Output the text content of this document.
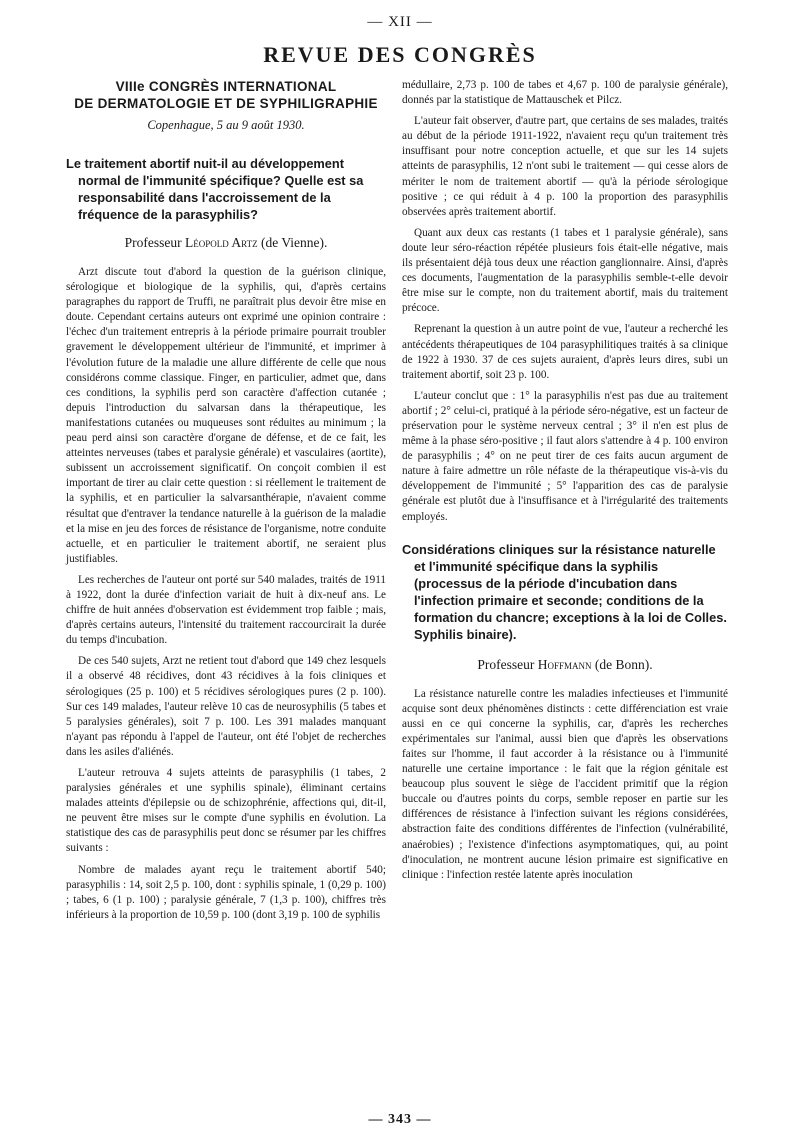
— XII —
REVUE DES CONGRÈS
VIIIe CONGRÈS INTERNATIONAL
DE DERMATOLOGIE ET DE SYPHILIGRAPHIE
Copenhague, 5 au 9 août 1930.
Le traitement abortif nuit-il au développement normal de l'immunité spécifique? Quelle est sa responsabilité dans l'accroissement de la fréquence de la parasyphilis?
Professeur Léopold Artz (de Vienne).

Arzt discute tout d'abord la question de la guérison clinique, sérologique et biologique de la syphilis, qui, d'après certains paragraphes du rapport de Truffi, ne paraîtrait plus devoir être mise en doute. Cependant certains auteurs ont exprimé une opinion contraire : l'échec d'un traitement entrepris à la période primaire pourrait troubler gravement le développement ultérieur de l'immunité, et imprimer à l'évolution future de la maladie une allure différente de celle que nous considérons comme classique. Finger, en particulier, admet que, dans ces conditions, la syphilis perd son caractère d'affection cutanée ; depuis l'introduction du salvarsan dans la thérapeutique, les manifestations cutanées ou muqueuses sont réduites au minimum ; la peau perd ainsi son caractère d'organe de défense, et de ce fait, les atteintes nerveuses (tabes et paralysie générale) et vasculaires (aortite), subissent un accroissement significatif. On conçoit combien il est important de tirer au clair cette question : si réellement le traitement de la syphilis, et en particulier la salvarsanthérapie, n'avaient comme résultat que d'entraver la tendance naturelle à la guérison de la maladie et la mise en jeu des forces de résistance de l'organisme, notre conduite actuelle, et en particulier le traitement abortif, ne seraient plus justifiables.

Les recherches de l'auteur ont porté sur 540 malades, traités de 1911 à 1922, dont la durée d'infection variait de huit à dix-neuf ans. Le chiffre de huit années d'observation est évidemment trop faible ; mais, d'après certains auteurs, l'intensité du traitement raccourcirait la durée du temps d'incubation.

De ces 540 sujets, Arzt ne retient tout d'abord que 149 chez lesquels il a observé 48 récidives, dont 43 récidives à la fois cliniques et sérologiques (25 p. 100) et 5 récidives sérologiques pures (2 p. 100). Sur ces 149 malades, l'auteur relève 10 cas de neurosyphilis (5 tabes et 5 paralysies générales), soit 7 p. 100. Les 391 malades manquant n'ayant pas répondu à l'appel de l'auteur, ont été l'objet de recherches dans les asiles d'aliénés.

L'auteur retrouva 4 sujets atteints de parasyphilis (1 tabes, 2 paralysies générales et une syphilis spinale), éliminant certains malades atteints d'épilepsie ou de schizophrénie, affections qui, dit-il, ne peuvent être mises sur le compte d'une syphilis en évolution. La statistique des cas de parasyphilis peut donc se résumer par les chiffres suivants :

Nombre de malades ayant reçu le traitement abortif 540; parasyphilis : 14, soit 2,5 p. 100, dont : syphilis spinale, 1 (0,29 p. 100) ; tabes, 6 (1 p. 100) ; paralysie générale, 7 (1,3 p. 100), chiffres très inférieurs à la proportion de 10,59 p. 100 (dont 3,19 p. 100 de syphilis

médullaire, 2,73 p. 100 de tabes et 4,67 p. 100 de paralysie générale), donnés par la statistique de Mattauschek et Pilcz.

L'auteur fait observer, d'autre part, que certains de ses malades, traités au début de la période 1911-1922, n'avaient reçu qu'un traitement très insuffisant pour notre conception actuelle, et que sur les 14 sujets atteints de parasyphilis, 12 n'ont subi le traitement — qui cesse alors de mériter le nom de traitement abortif — qu'à la période sérologique positive ; ce qui réduit à 4 p. 100 la proportion des parasyphilis observées après traitement abortif.

Quant aux deux cas restants (1 tabes et 1 paralysie générale), sans doute leur séro-réaction répétée plusieurs fois était-elle négative, mais ils présentaient déjà tous deux une réaction ganglionnaire. Ainsi, d'après ces documents, l'augmentation de la parasyphilis semble-t-elle devoir être mise sur le compte, non du traitement abortif, mais du traitement précoce.

Reprenant la question à un autre point de vue, l'auteur a recherché les antécédents thérapeutiques de 104 parasyphilitiques traités à sa clinique de 1922 à 1930. 37 de ces sujets auraient, d'après leurs dires, subi un traitement abortif, soit 23 p. 100.

L'auteur conclut que : 1° la parasyphilis n'est pas due au traitement abortif ; 2° celui-ci, pratiqué à la période séro-négative, est un facteur de préservation pour le système nerveux central ; 3° il n'en est plus de même à la phase séro-positive ; il faut alors s'attendre à 4 p. 100 environ de parasyphilis ; 4° on ne peut tirer de ces faits aucun argument de nature à faire admettre un rôle néfaste de la thérapeutique vis-à-vis du développement de l'immunité ; 5° l'apparition des cas de paralysie générale est plutôt due à l'insuffisance et à l'irrégularité des traitements employés.

Considérations cliniques sur la résistance naturelle et l'immunité spécifique dans la syphilis (processus de la période d'incubation dans l'infection primaire et seconde; conditions de la formation du chancre; exceptions à la loi de Colles. Syphilis binaire).
Professeur Hoffmann (de Bonn).

La résistance naturelle contre les maladies infectieuses et l'immunité acquise sont deux phénomènes distincts : cette différenciation est vraie aussi en ce qui concerne la syphilis, car, d'après les recherches expérimentales sur l'animal, aussi bien que d'après les observations faites sur l'homme, il faut accorder à la résistance ou à l'immunité naturelle une certaine importance : le fait que la région génitale est beaucoup plus souvent le siège de l'accident primitif que la région buccale ou d'autres points du corps, semble reposer en partie sur les différences de résistance à l'infection suivant les régions considérées, abstraction faite des conditions différentes de l'infection (vulnérabilité, anaérobies) ; l'existence d'infections asymptomatiques, qui, au point d'inoculation, ne montrent aucune lésion primaire est significative en clinique : l'infection restée latente après inoculation

— 343 —
